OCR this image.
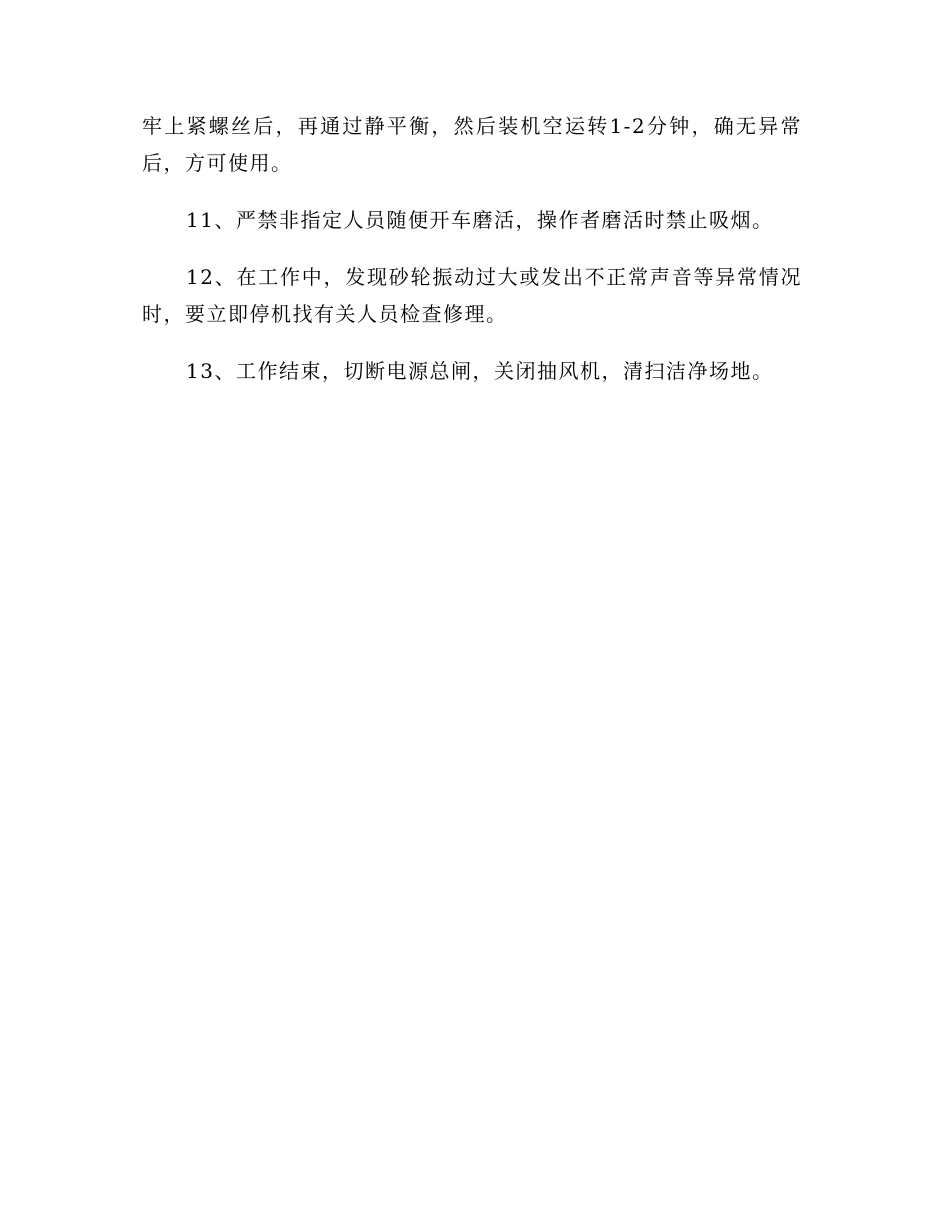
牢上紧螺丝后，再通过静平衡，然后装机空运转1-2分钟，确无异常后，方可使用。

11、严禁非指定人员随便开车磨活，操作者磨活时禁止吸烟。

12、在工作中，发现砂轮振动过大或发出不正常声音等异常情况时，要立即停机找有关人员检查修理。

13、工作结束，切断电源总闸，关闭抽风机，清扫洁净场地。
